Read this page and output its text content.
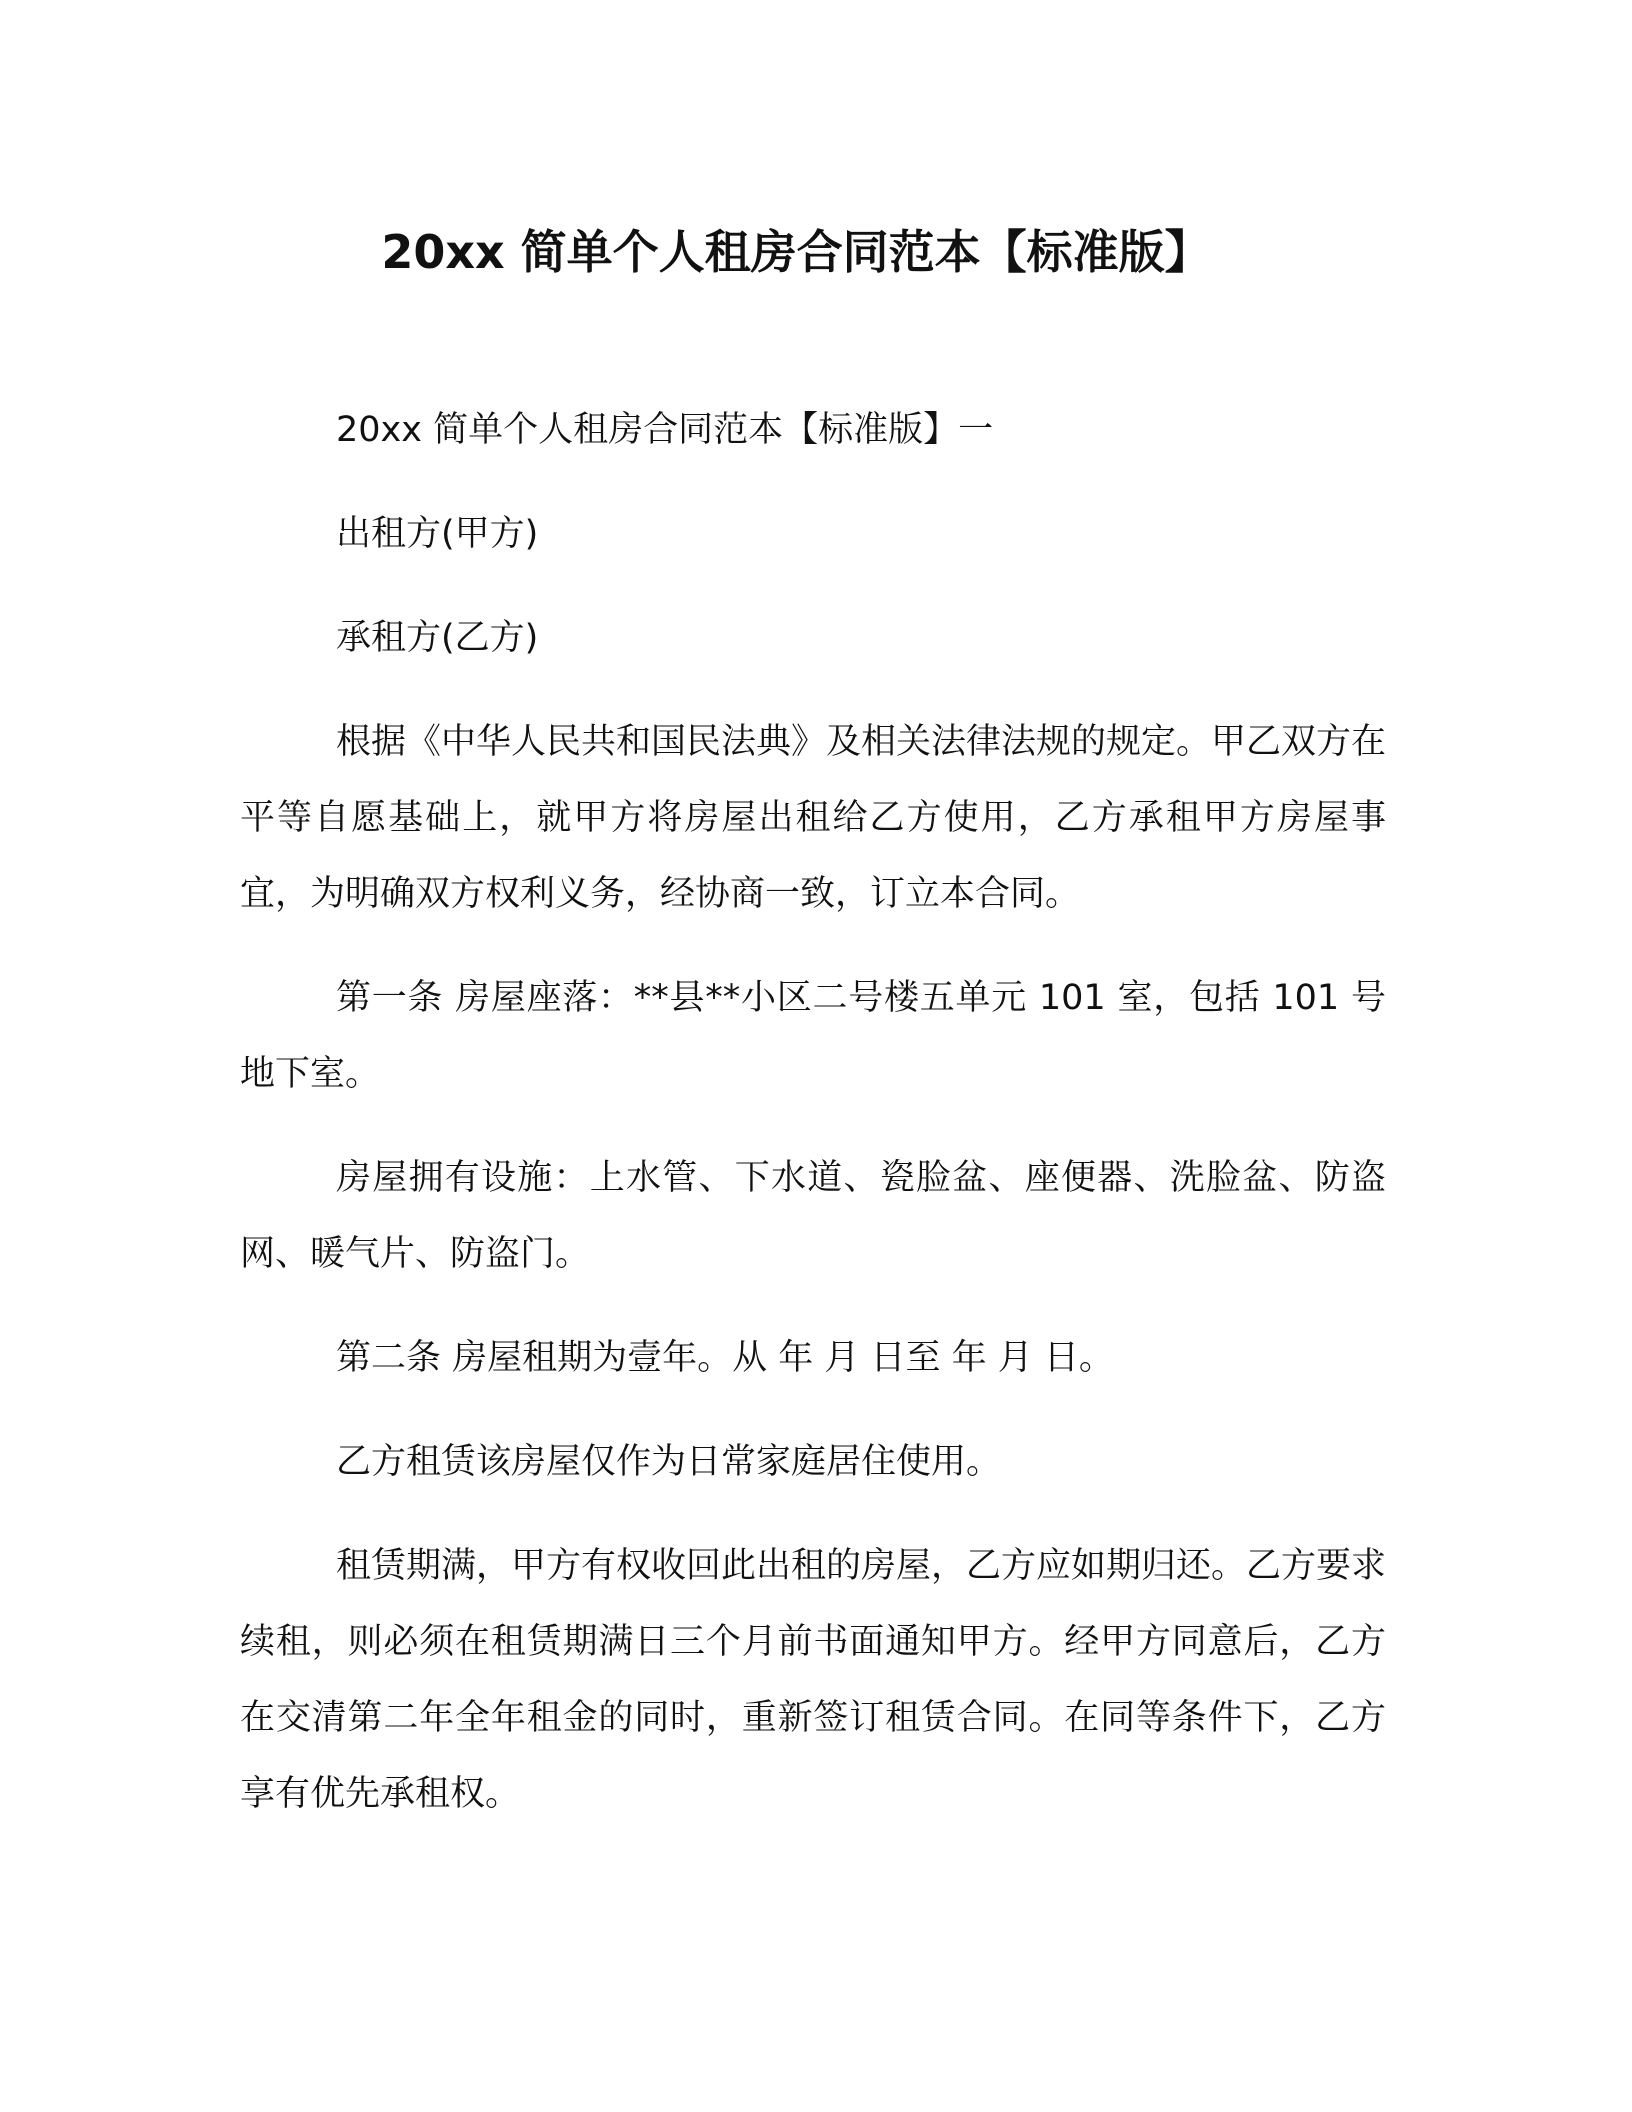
20xx 简单个人租房合同范本【标准版】

20xx 简单个人租房合同范本【标准版】一

出租方(甲方)

承租方(乙方)

根据《中华人民共和国民法典》及相关法律法规的规定。甲乙双方在平等自愿基础上，就甲方将房屋出租给乙方使用，乙方承租甲方房屋事宜，为明确双方权利义务，经协商一致，订立本合同。

第一条 房屋座落：**县**小区二号楼五单元 101 室，包括 101 号地下室。

房屋拥有设施：上水管、下水道、瓷脸盆、座便器、洗脸盆、防盗网、暖气片、防盗门。

第二条 房屋租期为壹年。从 年 月 日至 年 月 日。

乙方租赁该房屋仅作为日常家庭居住使用。

租赁期满，甲方有权收回此出租的房屋，乙方应如期归还。乙方要求续租，则必须在租赁期满日三个月前书面通知甲方。经甲方同意后，乙方在交清第二年全年租金的同时，重新签订租赁合同。在同等条件下，乙方享有优先承租权。
